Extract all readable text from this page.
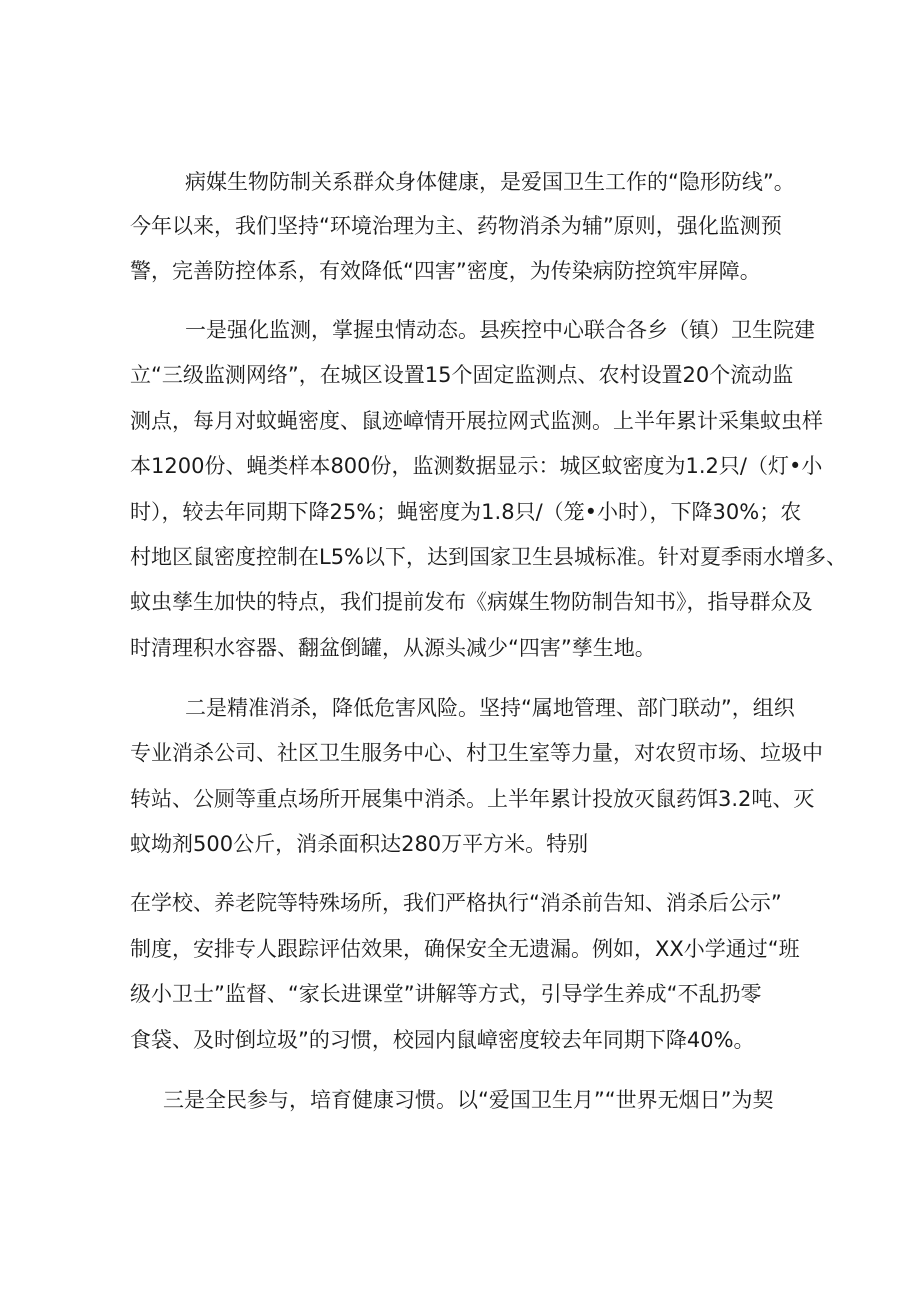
病媒生物防制关系群众身体健康，是爱国卫生工作的“隐形防线”。
今年以来，我们坚持“环境治理为主、药物消杀为辅”原则，强化监测预
警，完善防控体系，有效降低“四害”密度，为传染病防控筑牢屏障。
一是强化监测，掌握虫情动态。县疾控中心联合各乡（镇）卫生院建
立“三级监测网络”，在城区设置15个固定监测点、农村设置20个流动监
测点，每月对蚊蝇密度、鼠迹嶂情开展拉网式监测。上半年累计采集蚊虫样
本1200份、蝇类样本800份，监测数据显示：城区蚊密度为1.2只/（灯•小
时），较去年同期下降25%；蝇密度为1.8只/（笼•小时），下降30%；农
村地区鼠密度控制在L5%以下，达到国家卫生县城标准。针对夏季雨水增多、
蚊虫孳生加快的特点，我们提前发布《病媒生物防制告知书》，指导群众及
时清理积水容器、翻盆倒罐，从源头减少“四害”孳生地。
二是精准消杀，降低危害风险。坚持“属地管理、部门联动”，组织
专业消杀公司、社区卫生服务中心、村卫生室等力量，对农贸市场、垃圾中
转站、公厕等重点场所开展集中消杀。上半年累计投放灭鼠药饵3.2吨、灭
蚊坳剂500公斤，消杀面积达280万平方米。特别
在学校、养老院等特殊场所，我们严格执行“消杀前告知、消杀后公示”
制度，安排专人跟踪评估效果，确保安全无遗漏。例如，XX小学通过“班
级小卫士”监督、“家长进课堂”讲解等方式，引导学生养成“不乱扔零
食袋、及时倒垃圾”的习惯，校园内鼠嶂密度较去年同期下降40%。
三是全民参与，培育健康习惯。以“爱国卫生月”“世界无烟日”为契
